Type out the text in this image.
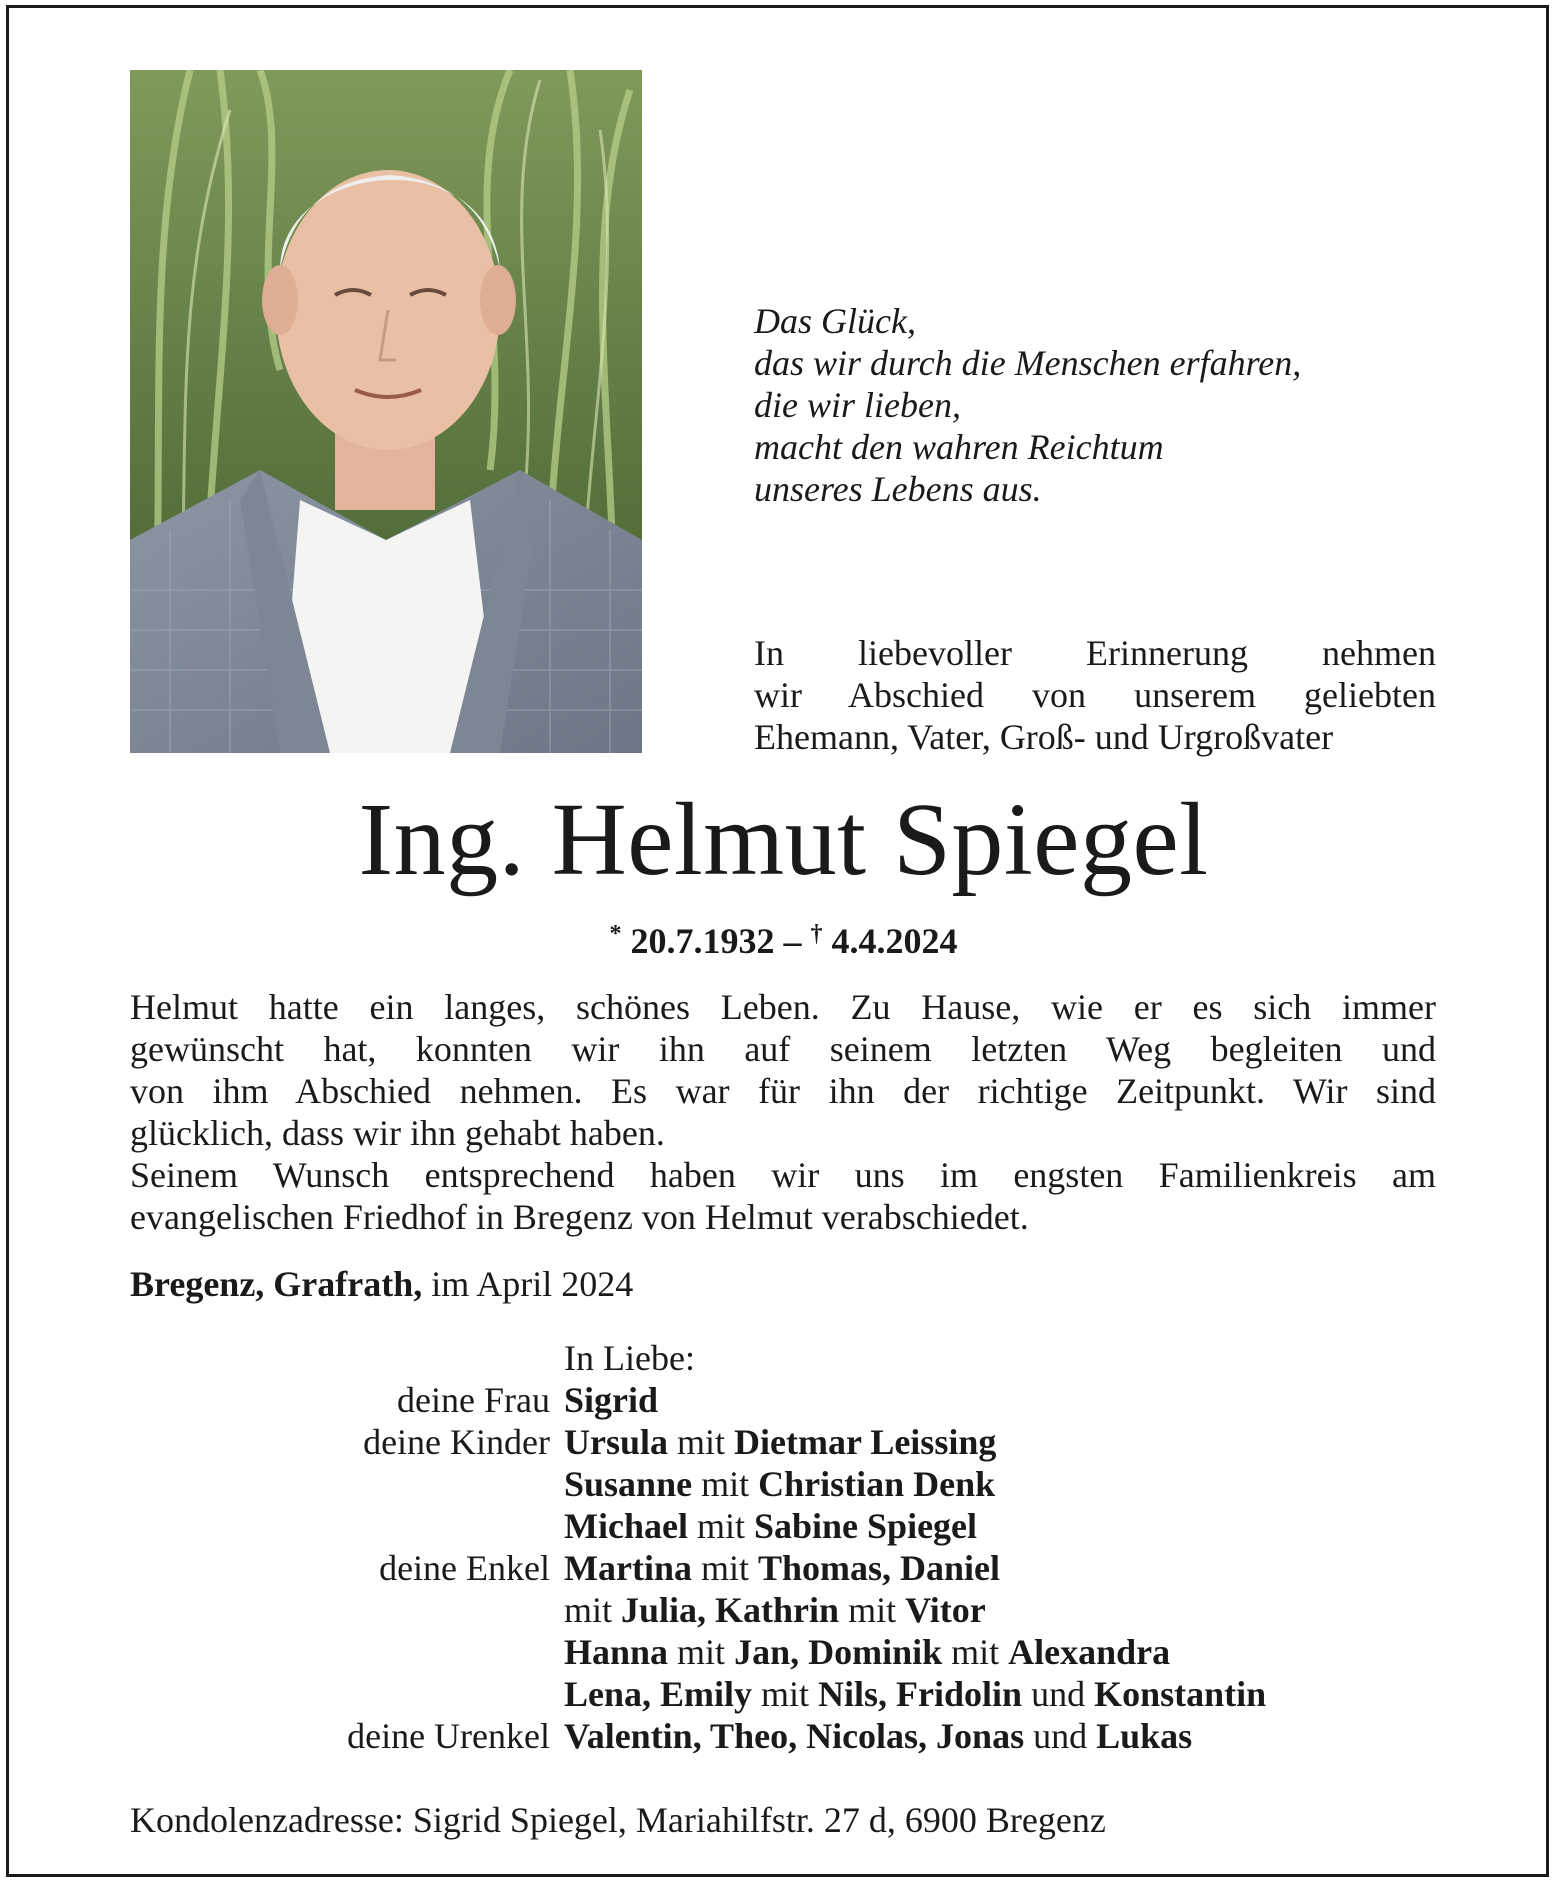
Das Glück,
das wir durch die Menschen erfahren,
die wir lieben,
macht den wahren Reichtum
unseres Lebens aus.
In liebevoller Erinnerung nehmen
wir Abschied von unserem geliebten
Ehemann, Vater, Groß- und Urgroßvater
Ing. Helmut Spiegel
* 20.7.1932 – † 4.4.2024
Helmut hatte ein langes, schönes Leben. Zu Hause, wie er es sich immer
gewünscht hat, konnten wir ihn auf seinem letzten Weg begleiten und
von ihm Abschied nehmen. Es war für ihn der richtige Zeitpunkt. Wir sind
glücklich, dass wir ihn gehabt haben.
Seinem Wunsch entsprechend haben wir uns im engsten Familienkreis am
evangelischen Friedhof in Bregenz von Helmut verabschiedet.
Bregenz, Grafrath, im April 2024
In Liebe:
deine Frau Sigrid
deine Kinder Ursula mit Dietmar Leissing
Susanne mit Christian Denk
Michael mit Sabine Spiegel
deine Enkel Martina mit Thomas, Daniel
mit Julia, Kathrin mit Vitor
Hanna mit Jan, Dominik mit Alexandra
Lena, Emily mit Nils, Fridolin und Konstantin
deine Urenkel Valentin, Theo, Nicolas, Jonas und Lukas
Kondolenzadresse: Sigrid Spiegel, Mariahilfstr. 27 d, 6900 Bregenz
